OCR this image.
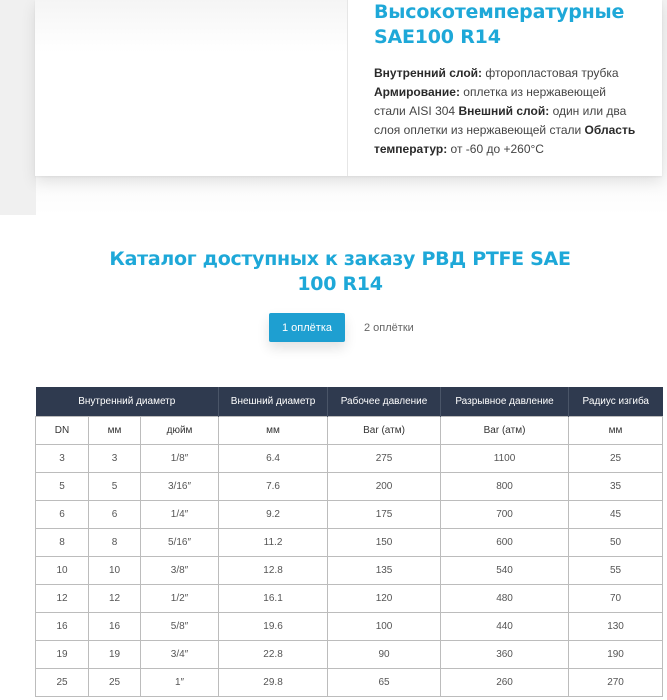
Высокотемпературные SAE100 R14
Внутренний слой: фторопластовая трубка Армирование: оплетка из нержавеющей стали AISI 304 Внешний слой: один или два слоя оплетки из нержавеющей стали Область температур: от -60 до +260°C
Каталог доступных к заказу РВД PTFE SAE 100 R14
1 оплётка	2 оплётки
Внутренний диаметр			Внешний диаметр	Рабочее давление	Разрывное давление	Радиус изгиба
DN	мм	дюйм	мм	Bar (атм)	Bar (атм)	мм
3	3	1/8″	6.4	275	1100	25
5	5	3/16″	7.6	200	800	35
6	6	1/4″	9.2	175	700	45
8	8	5/16″	11.2	150	600	50
10	10	3/8″	12.8	135	540	55
12	12	1/2″	16.1	120	480	70
16	16	5/8″	19.6	100	440	130
19	19	3/4″	22.8	90	360	190
25	25	1″	29.8	65	260	270
